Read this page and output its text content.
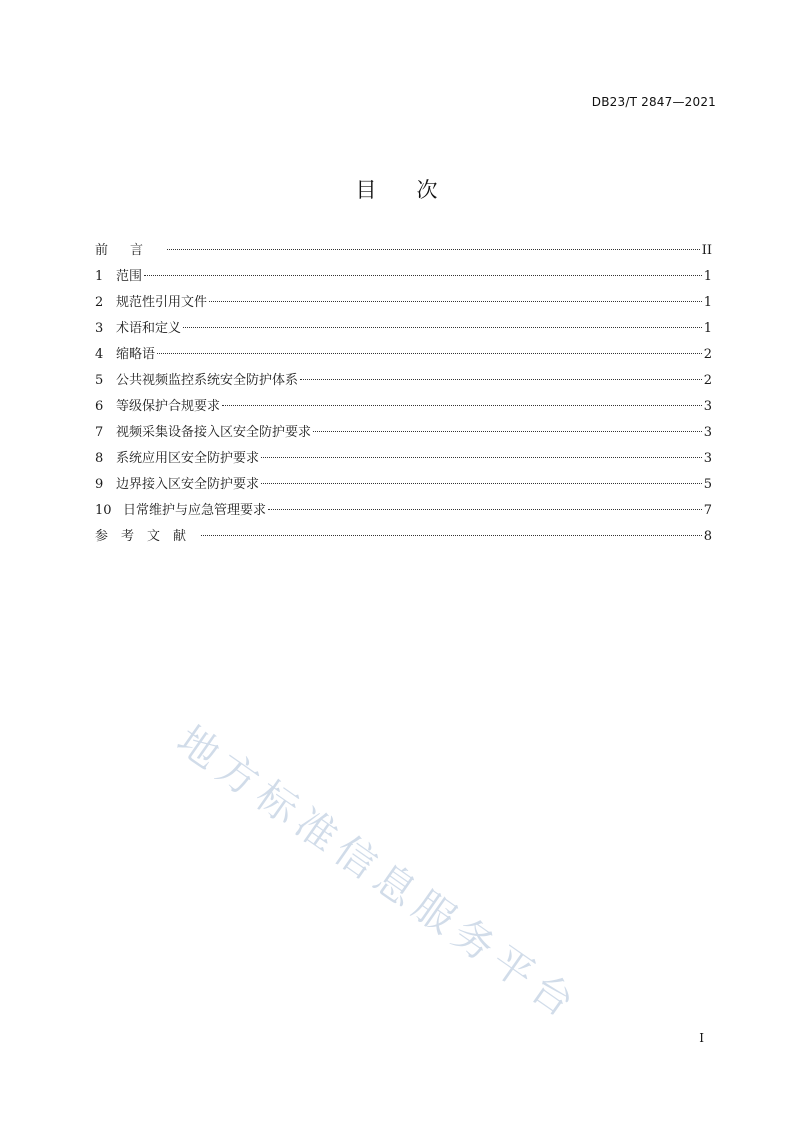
DB23/T 2847—2021
目 次
前言	II
1 范围	1
2 规范性引用文件	1
3 术语和定义	1
4 缩略语	2
5 公共视频监控系统安全防护体系	2
6 等级保护合规要求	3
7 视频采集设备接入区安全防护要求	3
8 系统应用区安全防护要求	3
9 边界接入区安全防护要求	5
10 日常维护与应急管理要求	7
参考文献	8
地方标准信息服务平台
I
